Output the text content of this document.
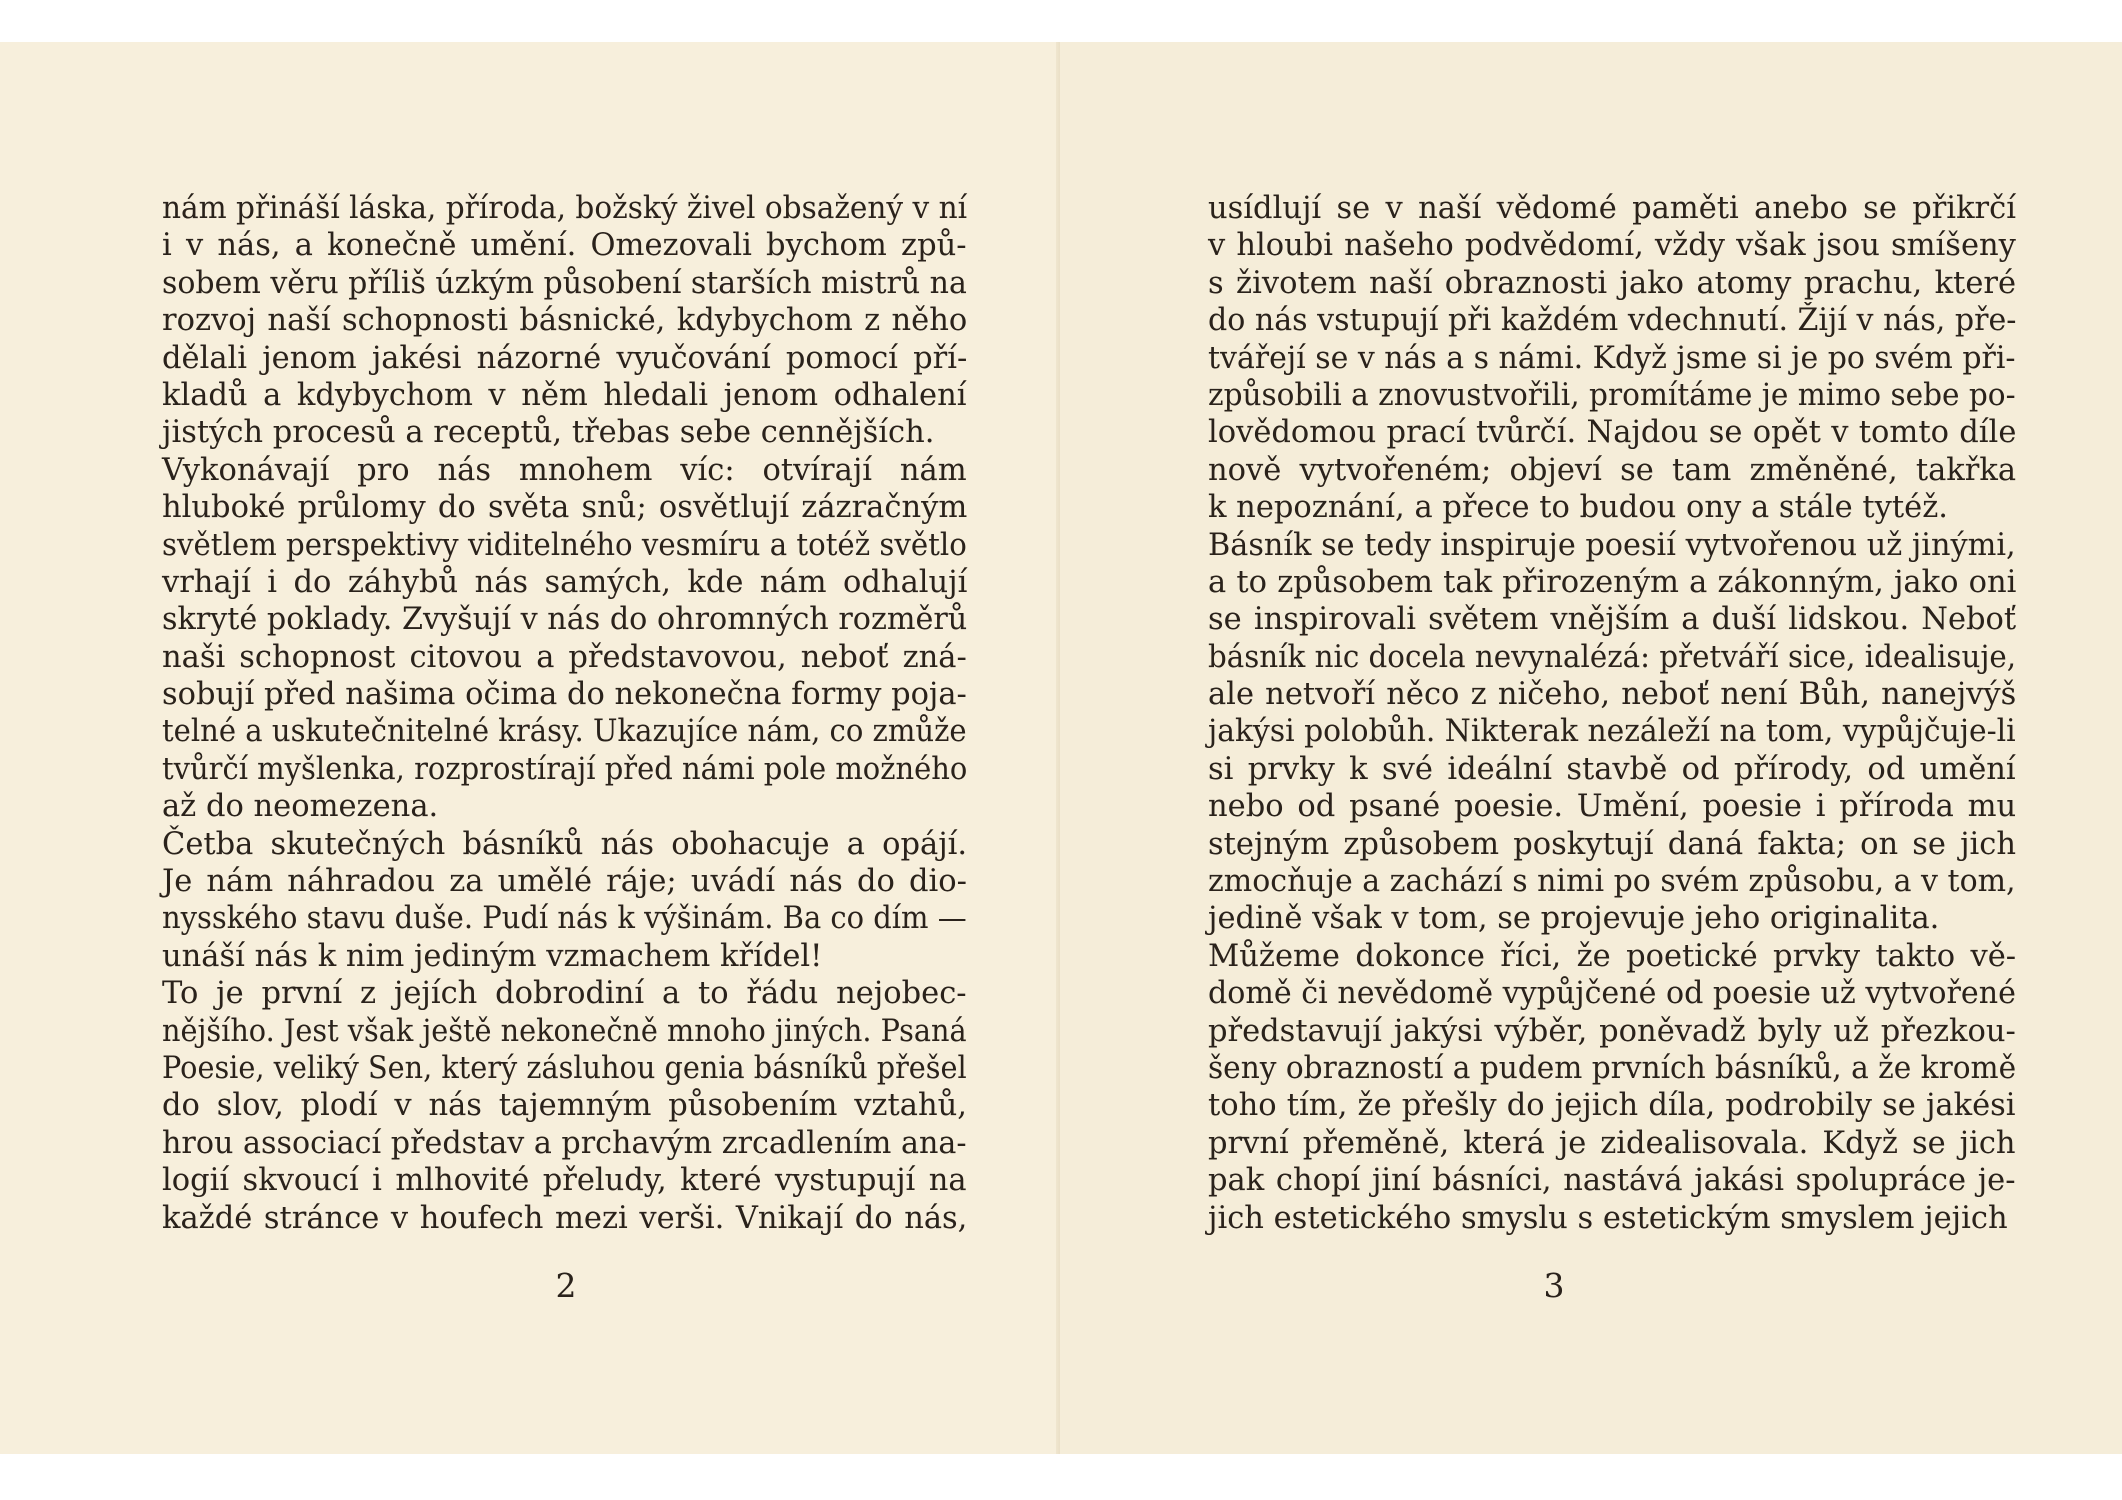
nám přináší láska, příroda, božský živel obsažený v ní
i v nás, a konečně umění. Omezovali bychom způ-
sobem věru příliš úzkým působení starších mistrů na
rozvoj naší schopnosti básnické, kdybychom z něho
dělali jenom jakési názorné vyučování pomocí pří-
kladů a kdybychom v něm hledali jenom odhalení
jistých procesů a receptů, třebas sebe cennějších.
Vykonávají pro nás mnohem víc: otvírají nám
hluboké průlomy do světa snů; osvětlují zázračným
světlem perspektivy viditelného vesmíru a totéž světlo
vrhají i do záhybů nás samých, kde nám odhalují
skryté poklady. Zvyšují v nás do ohromných rozměrů
naši schopnost citovou a představovou, neboť zná-
sobují před našima očima do nekonečna formy poja-
telné a uskutečnitelné krásy. Ukazujíce nám, co zmůže
tvůrčí myšlenka, rozprostírají před námi pole možného
až do neomezena.
Četba skutečných básníků nás obohacuje a opájí.
Je nám náhradou za umělé ráje; uvádí nás do dio-
nysského stavu duše. Pudí nás k výšinám. Ba co dím —
unáší nás k nim jediným vzmachem křídel!
To je první z jejích dobrodiní a to řádu nejobec-
nějšího. Jest však ještě nekonečně mnoho jiných. Psaná
Poesie, veliký Sen, který zásluhou genia básníků přešel
do slov, plodí v nás tajemným působením vztahů,
hrou associací představ a prchavým zrcadlením ana-
logií skvoucí i mlhovité přeludy, které vystupují na
každé stránce v houfech mezi verši. Vnikají do nás,
2
usídlují se v naší vědomé paměti anebo se přikrčí
v hloubi našeho podvědomí, vždy však jsou smíšeny
s životem naší obraznosti jako atomy prachu, které
do nás vstupují při každém vdechnutí. Žijí v nás, pře-
tvářejí se v nás a s námi. Když jsme si je po svém při-
způsobili a znovustvořili, promítáme je mimo sebe po-
lovědomou prací tvůrčí. Najdou se opět v tomto díle
nově vytvořeném; objeví se tam změněné, takřka
k nepoznání, a přece to budou ony a stále tytéž.
Básník se tedy inspiruje poesií vytvořenou už jinými,
a to způsobem tak přirozeným a zákonným, jako oni
se inspirovali světem vnějším a duší lidskou. Neboť
básník nic docela nevynalézá: přetváří sice, idealisuje,
ale netvoří něco z ničeho, neboť není Bůh, nanejvýš
jakýsi polobůh. Nikterak nezáleží na tom, vypůjčuje-li
si prvky k své ideální stavbě od přírody, od umění
nebo od psané poesie. Umění, poesie i příroda mu
stejným způsobem poskytují daná fakta; on se jich
zmocňuje a zachází s nimi po svém způsobu, a v tom,
jedině však v tom, se projevuje jeho originalita.
Můžeme dokonce říci, že poetické prvky takto vě-
domě či nevědomě vypůjčené od poesie už vytvořené
představují jakýsi výběr, poněvadž byly už přezkou-
šeny obrazností a pudem prvních básníků, a že kromě
toho tím, že přešly do jejich díla, podrobily se jakési
první přeměně, která je zidealisovala. Když se jich
pak chopí jiní básníci, nastává jakási spolupráce je-
jich estetického smyslu s estetickým smyslem jejich
3
